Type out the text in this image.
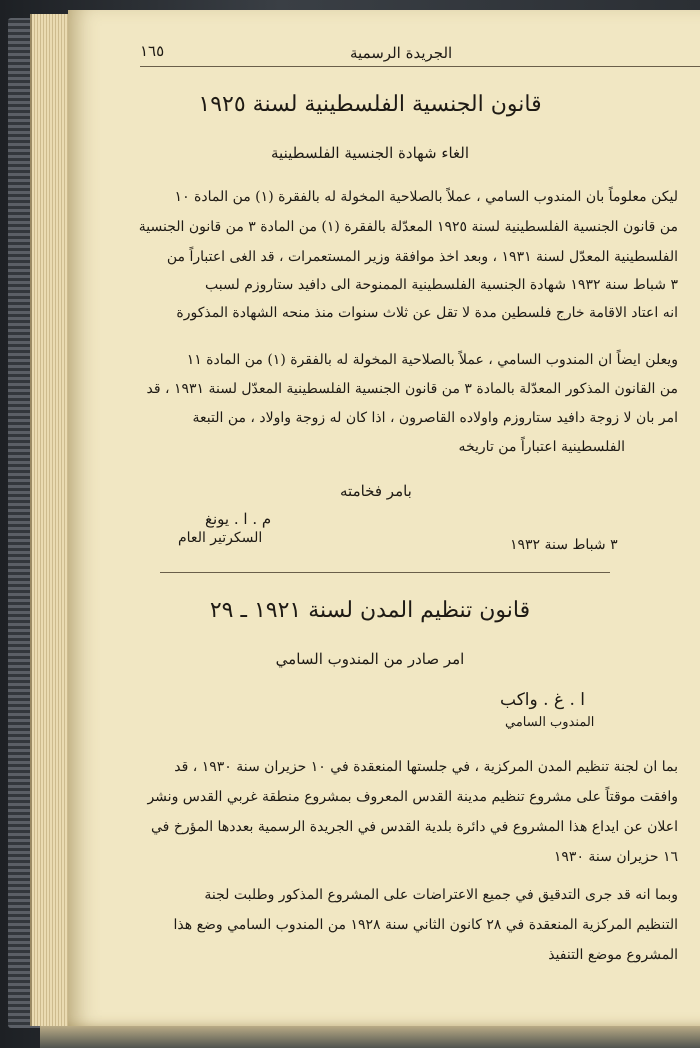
١٦٥	الجريدة الرسمية
قانون الجنسية الفلسطينية لسنة ١٩٢٥
الغاء شهادة الجنسية الفلسطينية
ليكن معلوماً بان المندوب السامي ، عملاً بالصلاحية المخولة له بالفقرة (١) من المادة ١٠
من قانون الجنسية الفلسطينية لسنة ١٩٢٥ المعدّلة بالفقرة (١) من المادة ٣ من قانون الجنسية
الفلسطينية المعدّل لسنة ١٩٣١ ، وبعد اخذ موافقة وزير المستعمرات ، قد الغى اعتباراً من
٣ شباط سنة ١٩٣٢ شهادة الجنسية الفلسطينية الممنوحة الى دافيد ستاروزم لسبب
انه اعتاد الاقامة خارج فلسطين مدة لا تقل عن ثلاث سنوات منذ منحه الشهادة المذكورة
ويعلن ايضاً ان المندوب السامي ، عملاً بالصلاحية المخولة له بالفقرة (١) من المادة ١١
من القانون المذكور المعدّلة بالمادة ٣ من قانون الجنسية الفلسطينية المعدّل لسنة ١٩٣١ ، قد
امر بان لا زوجة دافيد ستاروزم واولاده القاصرون ، اذا كان له زوجة واولاد ، من التبعة
الفلسطينية اعتباراً من تاريخه
بامر فخامته
م . ا . يونغ
السكرتير العام	٣ شباط سنة ١٩٣٢
قانون تنظيم المدن لسنة ١٩٢١ ـ ٢٩
امر صادر من المندوب السامي
ا . غ . واكب
المندوب السامي
بما ان لجنة تنظيم المدن المركزية ، في جلستها المنعقدة في ١٠ حزيران سنة ١٩٣٠ ، قد
وافقت موقتاً على مشروع تنظيم مدينة القدس المعروف بمشروع منطقة غربي القدس ونشر
اعلان عن ايداع هذا المشروع في دائرة بلدية القدس في الجريدة الرسمية بعددها المؤرخ في
١٦ حزيران سنة ١٩٣٠
وبما انه قد جرى التدقيق في جميع الاعتراضات على المشروع المذكور وطلبت لجنة
التنظيم المركزية المنعقدة في ٢٨ كانون الثاني سنة ١٩٢٨ من المندوب السامي وضع هذا
المشروع موضع التنفيذ
